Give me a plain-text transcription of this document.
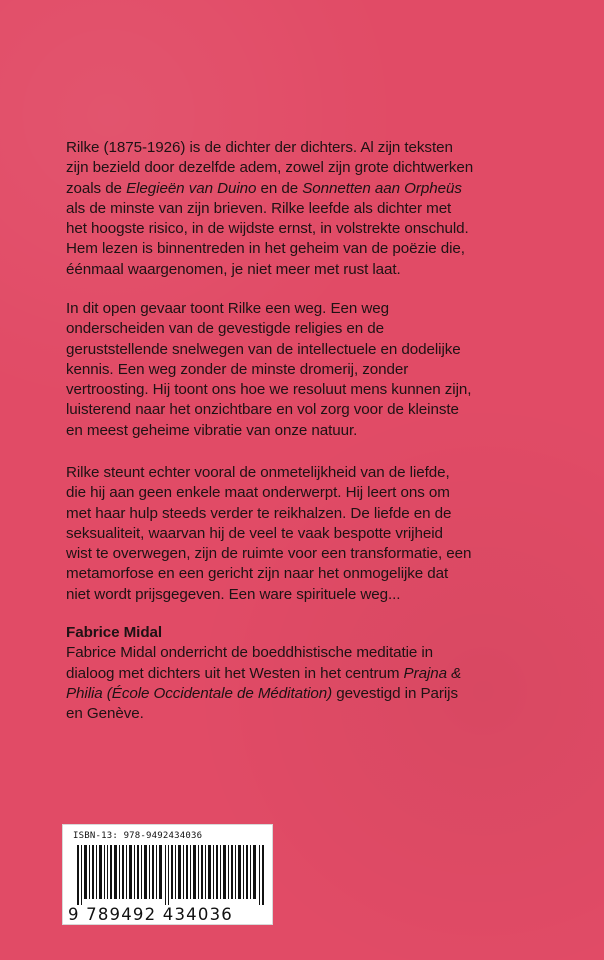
Rilke (1875-1926) is de dichter der dichters. Al zijn teksten
zijn bezield door dezelfde adem, zowel zijn grote dichtwerken
zoals de Elegieën van Duino en de Sonnetten aan Orpheüs
als de minste van zijn brieven. Rilke leefde als dichter met
het hoogste risico, in de wijdste ernst, in volstrekte onschuld.
Hem lezen is binnentreden in het geheim van de poëzie die,
éénmaal waargenomen, je niet meer met rust laat.
In dit open gevaar toont Rilke een weg. Een weg
onderscheiden van de gevestigde religies en de
geruststellende snelwegen van de intellectuele en dodelijke
kennis. Een weg zonder de minste dromerij, zonder
vertroosting. Hij toont ons hoe we resoluut mens kunnen zijn,
luisterend naar het onzichtbare en vol zorg voor de kleinste
en meest geheime vibratie van onze natuur.
Rilke steunt echter vooral de onmetelijkheid van de liefde,
die hij aan geen enkele maat onderwerpt. Hij leert ons om
met haar hulp steeds verder te reikhalzen. De liefde en de
seksualiteit, waarvan hij de veel te vaak bespotte vrijheid
wist te overwegen, zijn de ruimte voor een transformatie, een
metamorfose en een gericht zijn naar het onmogelijke dat
niet wordt prijsgegeven. Een ware spirituele weg...
Fabrice Midal
Fabrice Midal onderricht de boeddhistische meditatie in
dialoog met dichters uit het Westen in het centrum Prajna &
Philia (École Occidentale de Méditation) gevestigd in Parijs
en Genève.
ISBN-13: 978-9492434036
9 789492 434036
